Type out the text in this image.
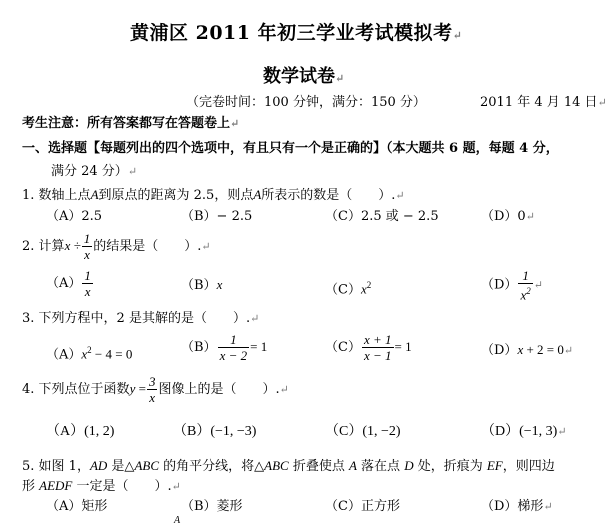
黄浦区 2011 年初三学业考试模拟考↵
数学试卷↵
（完卷时间：100 分钟，满分：150 分）	2011 年 4 月 14 日↵
考生注意：所有答案都写在答题卷上↵
一、选择题【每题列出的四个选项中，有且只有一个是正确的】（本大题共 6 题，每题 4 分，
满分 24 分）↵
1. 数轴上点A到原点的距离为 2.5，则点A所表示的数是（　　）.↵
（A）2.5	（B）− 2.5	（C）2.5 或 − 2.5	（D）0↵
2. 计算$x \div \frac{1}{x}$ 的结果是（　　）.↵
$(A) \frac{1}{x}$	（B）x	$(C)x^2$	$(D) \frac{1}{x^2}$ ↵
3. 下列方程中，2 是其解的是（　　）.↵
$(A)x^2 - 4 = 0$	$(B) \frac{1}{x - 2} = 1$	$(C) \frac{x + 1}{x - 1} = 1$	（D）x + 2 = 0↵
4. 下列点位于函数$y = \frac{3}{x}$ 图像上的是（　　）.↵
（A）(1, 2)	（B）(−1, −3)	（C）(1, −2)	（D）(−1, 3)↵
5. 如图 1，AD 是△ABC 的角平分线，将△ABC 折叠使点 A 落在点 D 处，折痕为 EF，则四边
形 AEDF 一定是（　　）.↵
（A）矩形	（B）菱形	（C）正方形	（D）梯形↵
A
